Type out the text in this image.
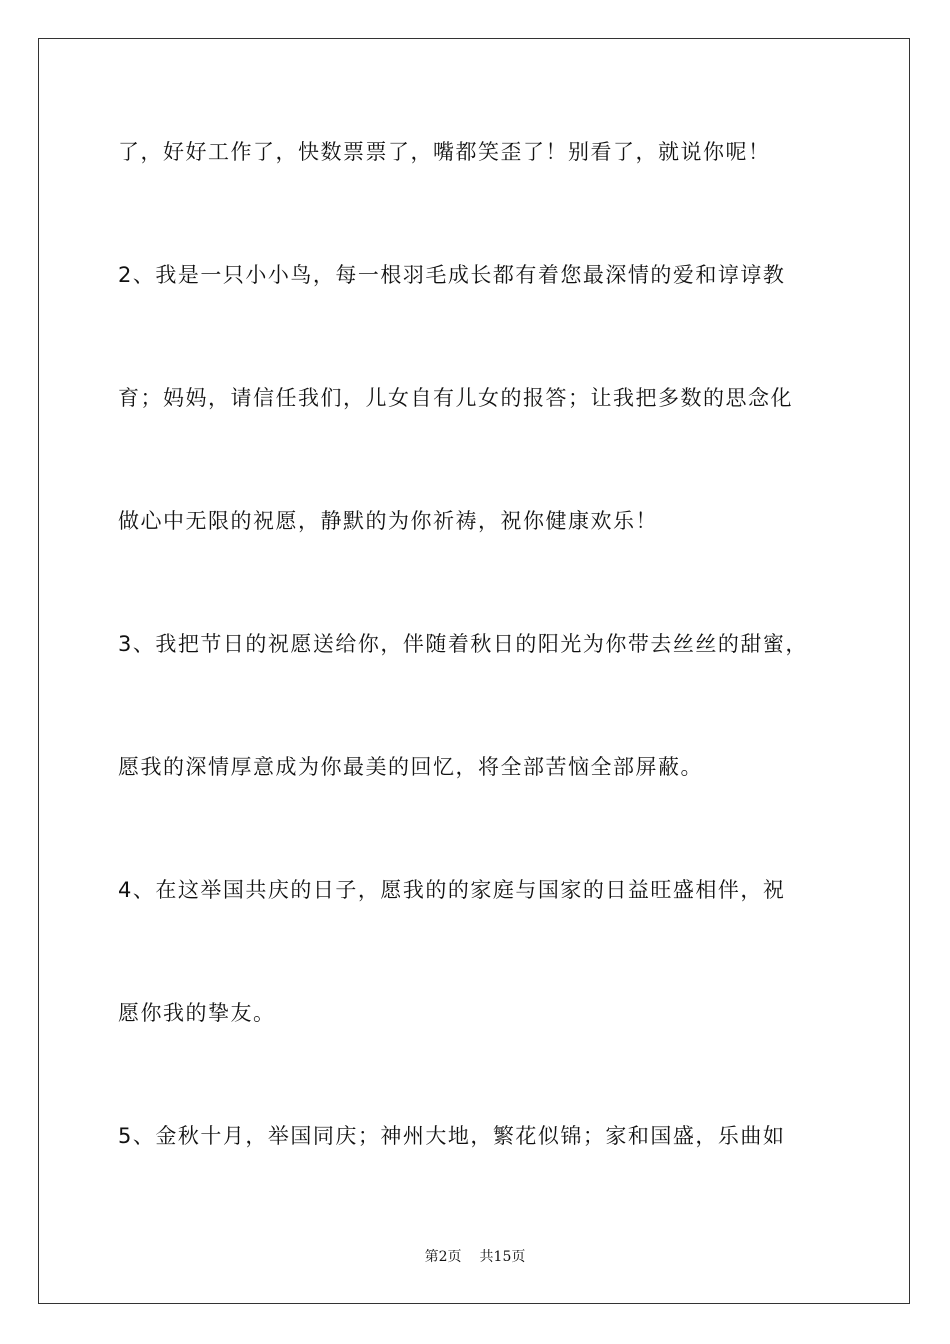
了，好好工作了，快数票票了，嘴都笑歪了！别看了，就说你呢！
2、我是一只小小鸟，每一根羽毛成长都有着您最深情的爱和谆谆教
育；妈妈，请信任我们，儿女自有儿女的报答；让我把多数的思念化
做心中无限的祝愿，静默的为你祈祷，祝你健康欢乐！
3、我把节日的祝愿送给你，伴随着秋日的阳光为你带去丝丝的甜蜜，
愿我的深情厚意成为你最美的回忆，将全部苦恼全部屏蔽。
4、在这举国共庆的日子，愿我的的家庭与国家的日益旺盛相伴，祝
愿你我的挚友。
5、金秋十月，举国同庆；神州大地，繁花似锦；家和国盛，乐曲如
第2页 共15页
